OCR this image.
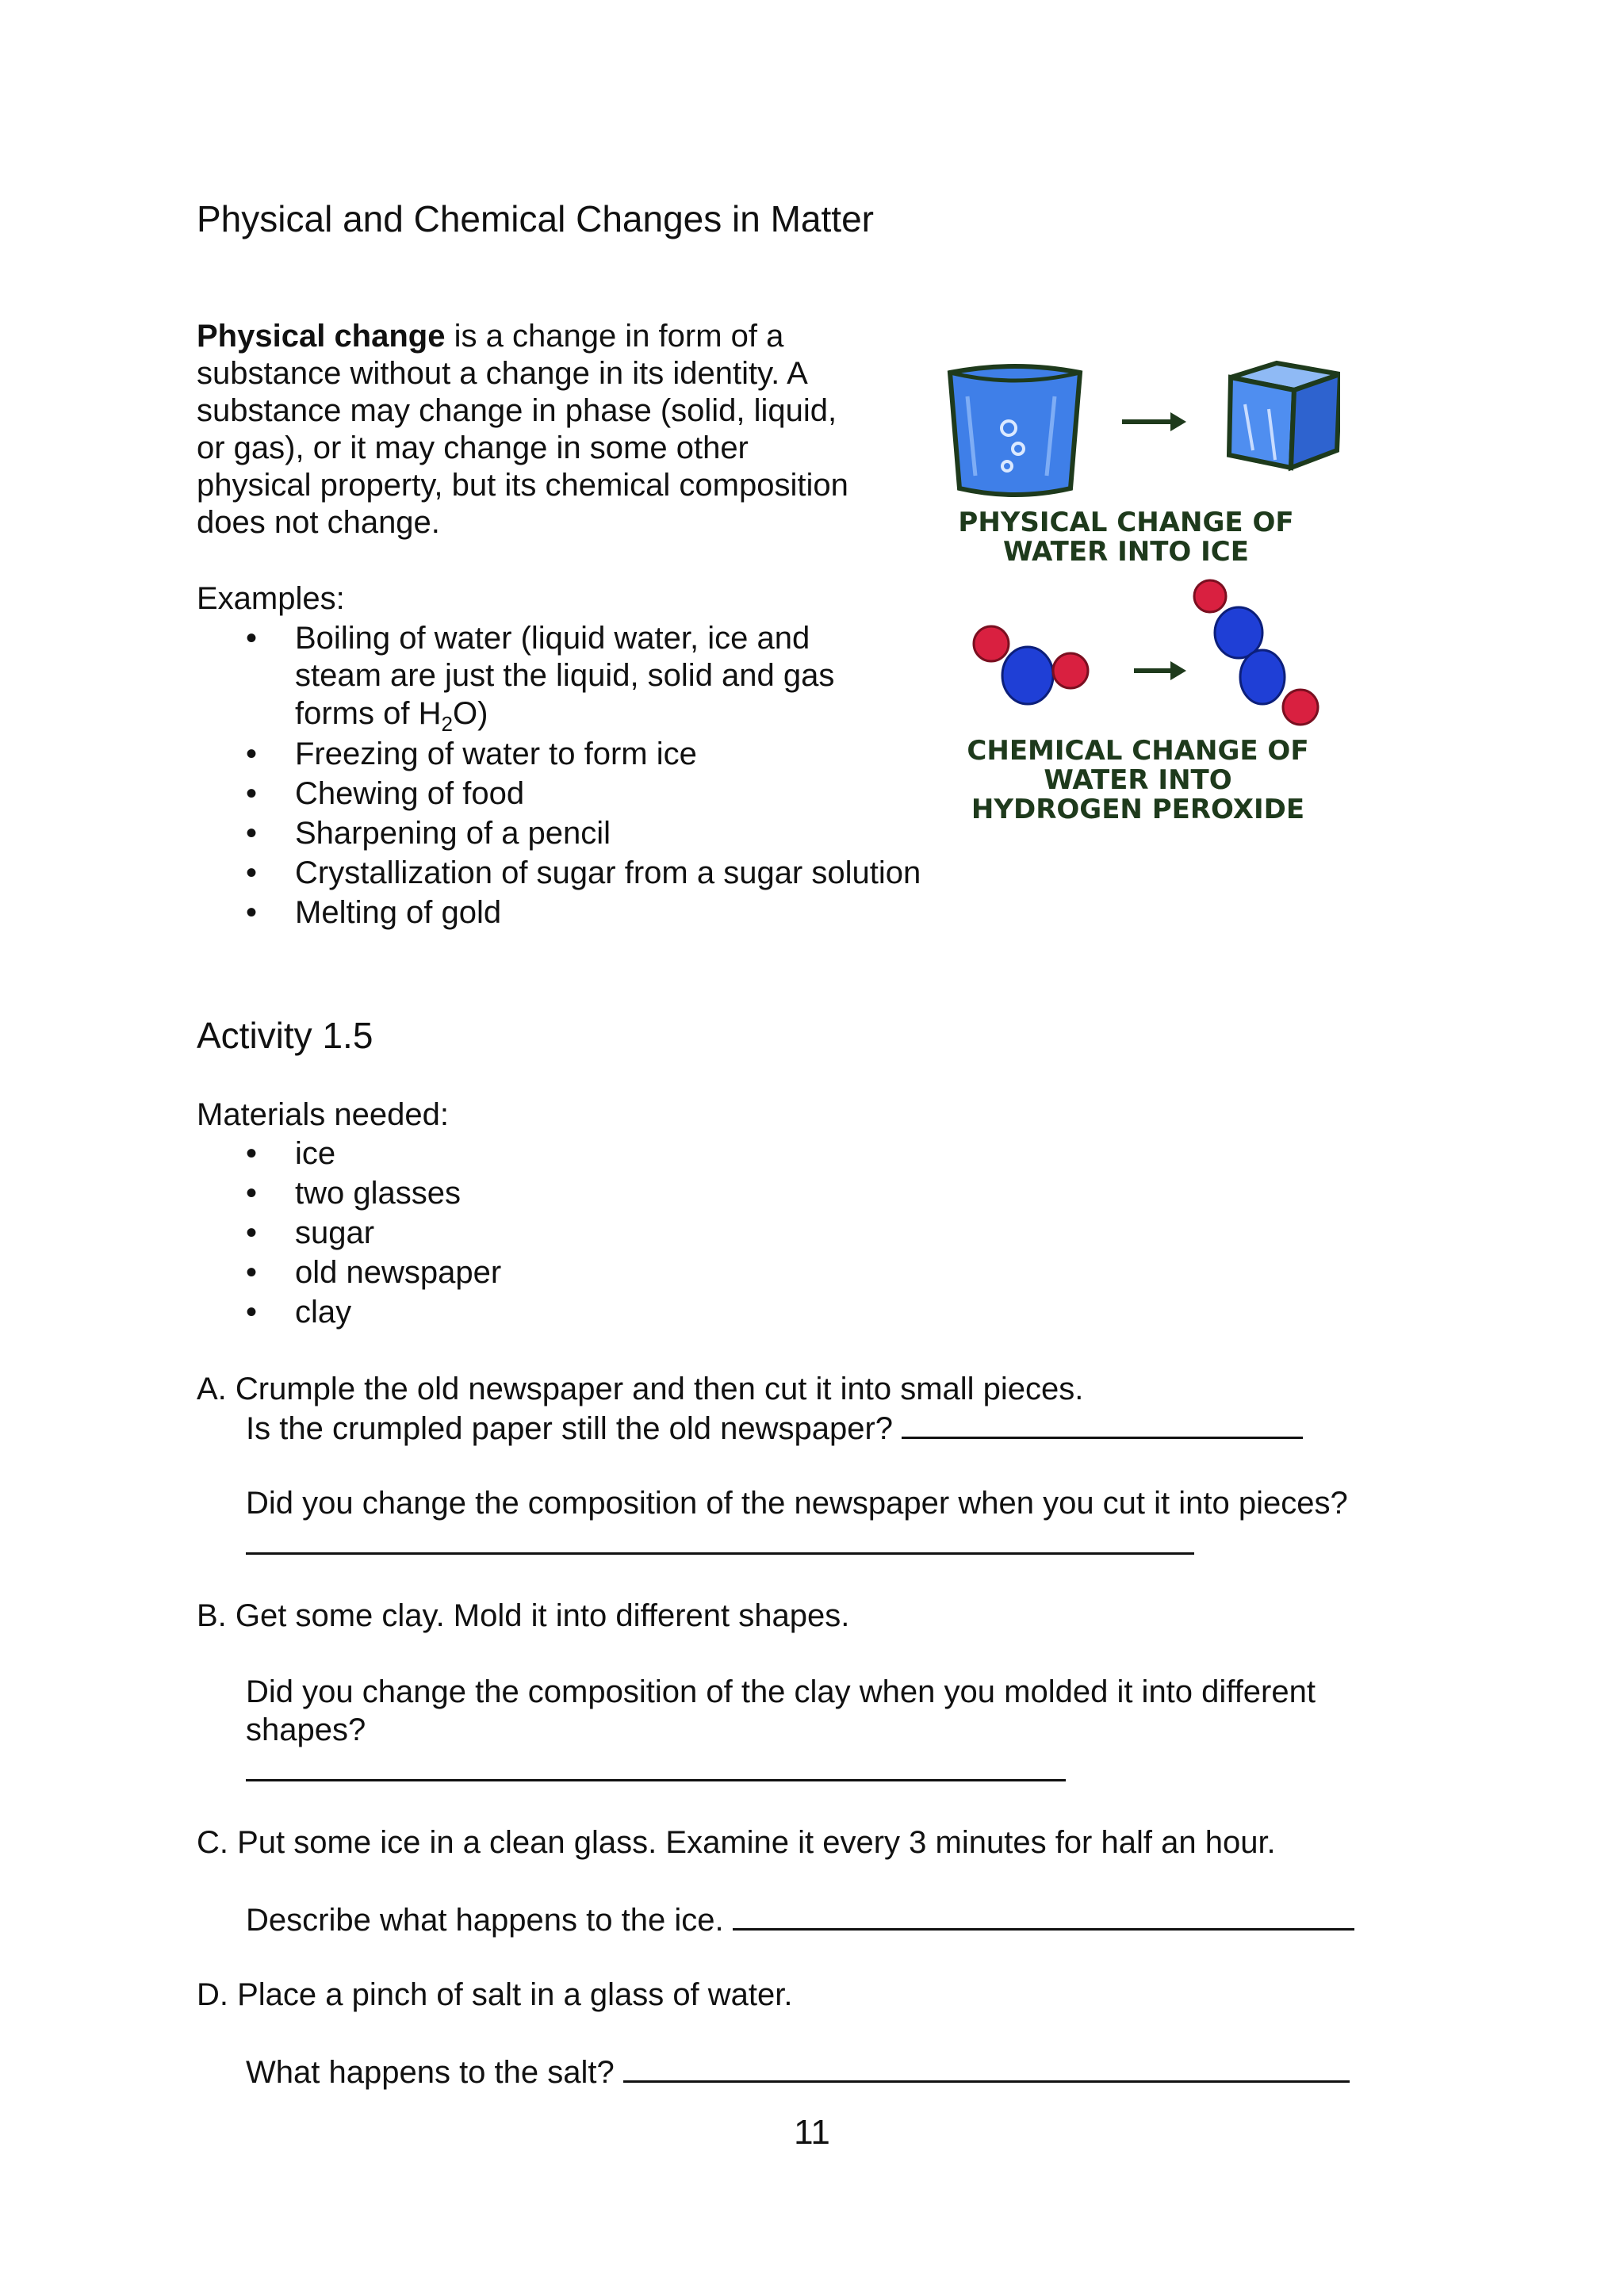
Physical and Chemical Changes in Matter

Physical change is a change in form of a

substance without a change in its identity. A

substance may change in phase (solid, liquid,

or gas), or it may change in some other

physical property, but its chemical composition

does not change.

Examples:

• Boiling of water (liquid water, ice and

steam are just the liquid, solid and gas

forms of $H_2O$)

• Freezing of water to form ice
• Chewing of food
• Sharpening of a pencil
• Crystallization of sugar from a sugar solution
• Melting of gold
PHYSICAL CHANGE OF
WATER INTO ICE
CHEMICAL CHANGE OF
WATER INTO
HYDROGEN PEROXIDE
Activity 1.5

Materials needed:

• ice
• two glasses
• sugar
• old newspaper
• clay

A. Crumple the old newspaper and then cut it into small pieces.

Is the crumpled paper still the old newspaper?

Did you change the composition of the newspaper when you cut it into pieces?

B. Get some clay. Mold it into different shapes.

Did you change the composition of the clay when you molded it into different

shapes?

C. Put some ice in a clean glass. Examine it every 3 minutes for half an hour.

Describe what happens to the ice.

D. Place a pinch of salt in a glass of water.

What happens to the salt?

11
